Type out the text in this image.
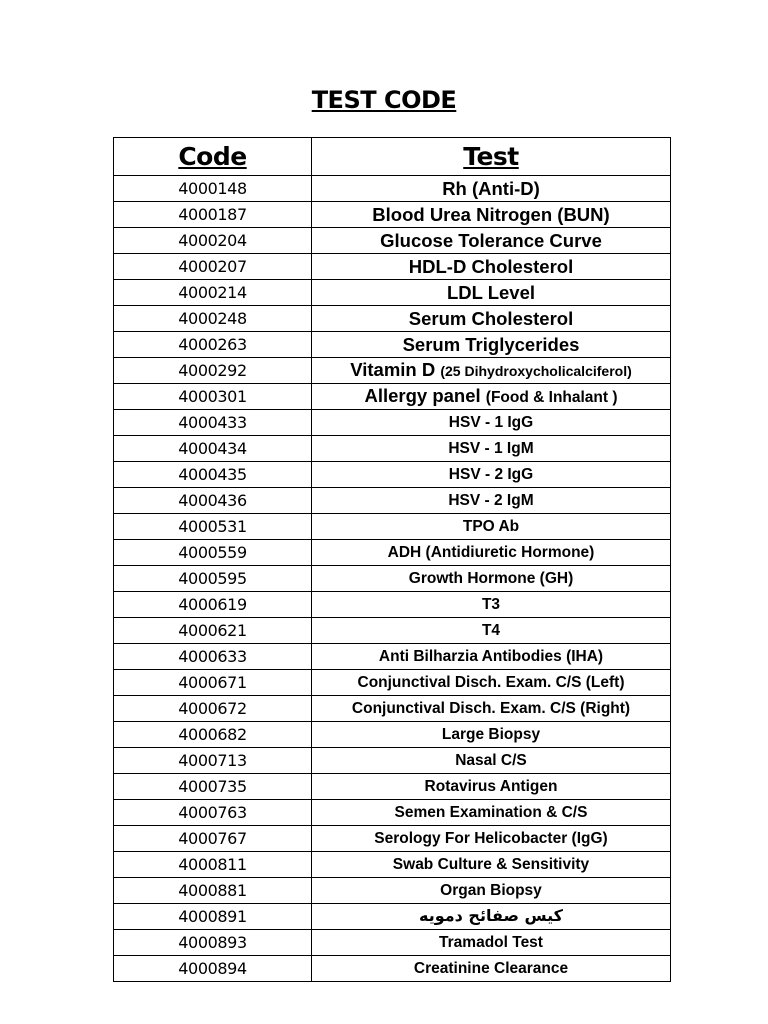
TEST CODE
Code	Test
4000148	Rh (Anti-D)
4000187	Blood Urea Nitrogen (BUN)
4000204	Glucose Tolerance Curve
4000207	HDL-D Cholesterol
4000214	LDL Level
4000248	Serum Cholesterol
4000263	Serum Triglycerides
4000292	Vitamin D (25 Dihydroxycholicalciferol)
4000301	Allergy panel (Food & Inhalant )
4000433	HSV - 1 IgG
4000434	HSV - 1 IgM
4000435	HSV - 2 IgG
4000436	HSV - 2 IgM
4000531	TPO Ab
4000559	ADH (Antidiuretic Hormone)
4000595	Growth Hormone (GH)
4000619	T3
4000621	T4
4000633	Anti Bilharzia Antibodies (IHA)
4000671	Conjunctival Disch. Exam. C/S (Left)
4000672	Conjunctival Disch. Exam. C/S (Right)
4000682	Large Biopsy
4000713	Nasal C/S
4000735	Rotavirus Antigen
4000763	Semen Examination & C/S
4000767	Serology For Helicobacter (IgG)
4000811	Swab Culture & Sensitivity
4000881	Organ Biopsy
4000891	كيس صفائح دمويه
4000893	Tramadol Test
4000894	Creatinine Clearance
